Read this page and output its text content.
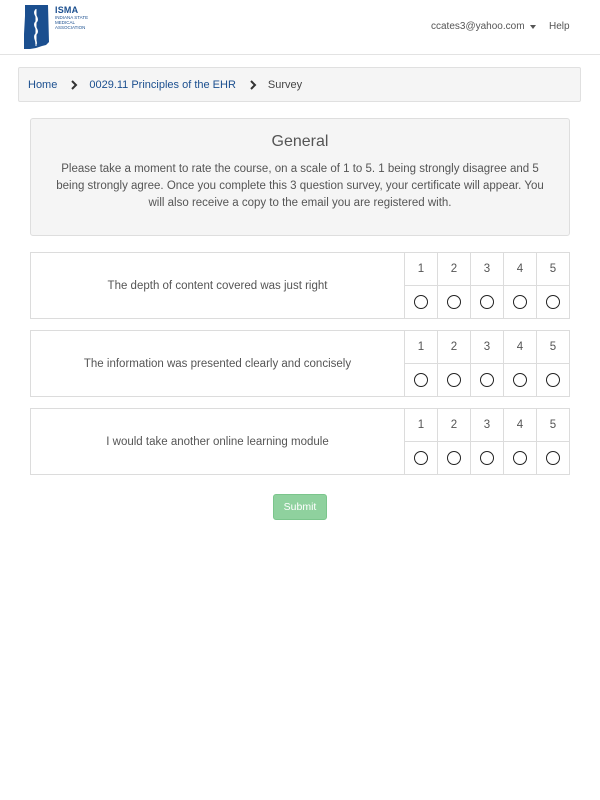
ISMA
INDIANA STATE MEDICAL ASSOCIATION	ccates3@yahoo.com Help
Home	0029.11 Principles of the EHR	Survey
General

Please take a moment to rate the course, on a scale of 1 to 5. 1 being strongly disagree and 5 being strongly agree. Once you complete this 3 question survey, your certificate will appear. You will also receive a copy to the email you are registered with.

The depth of content covered was just right
1	2	3	4	5
The information was presented clearly and concisely
1	2	3	4	5
I would take another online learning module
1	2	3	4	5
Submit
